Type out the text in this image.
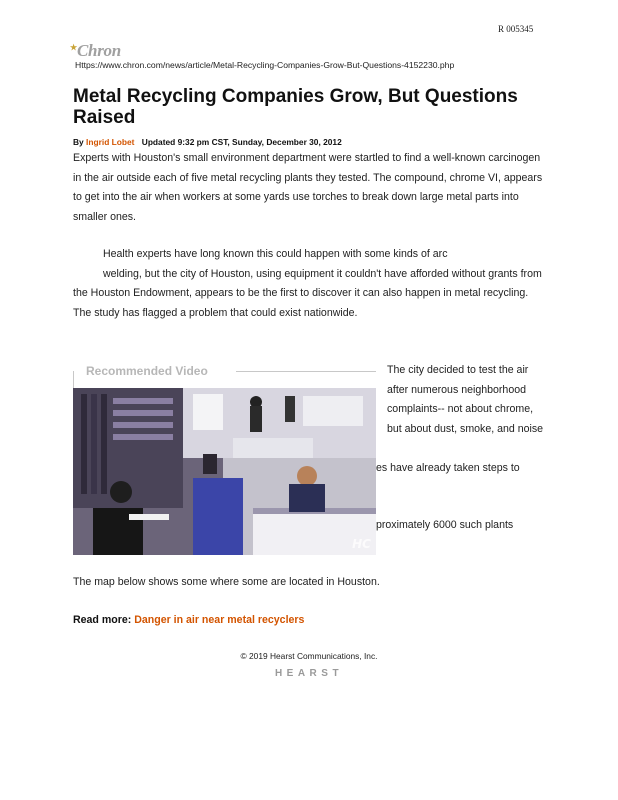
R 005345
★ Chron
Https://www.chron.com/news/article/Metal-Recycling-Companies-Grow-But-Questions-4152230.php
Metal Recycling Companies Grow, But Questions Raised
By Ingrid Lobet Updated 9:32 pm CST, Sunday, December 30, 2012

Experts with Houston's small environment department were startled to find a well-known carcinogen in the air outside each of five metal recycling plants they tested. The compound, chrome VI, appears to get into the air when workers at some yards use torches to break down large metal parts into smaller ones.

Health experts have long known this could happen with some kinds of arc
welding, but the city of Houston, using equipment it couldn't have afforded without grants from the Houston Endowment, appears to be the first to discover it can also happen in metal recycling. The study has flagged a problem that could exist nationwide.

Recommended Video
HC

The city decided to test the air after numerous neighborhood complaints-- not about chrome, but about dust, smoke, and noise

es have already taken steps to

proximately 6000 such plants

The map below shows some where some are located in Houston.

Read more: Danger in air near metal recyclers
© 2019 Hearst Communications, Inc.
HEARST
